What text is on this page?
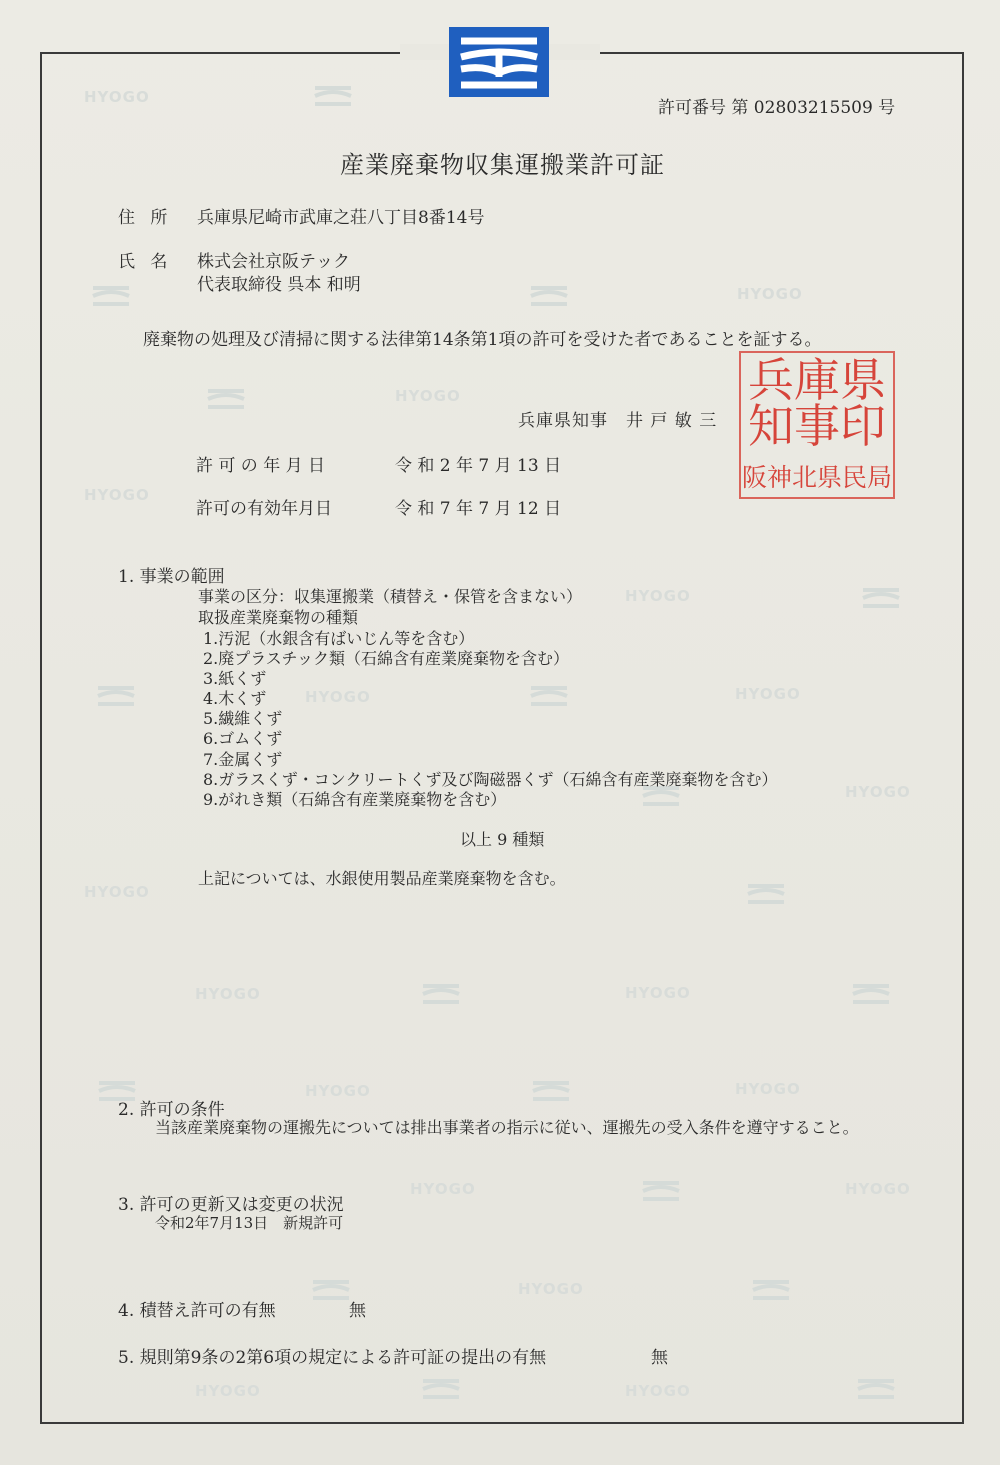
HYOGO
HYOGO
HYOGO
HYOGO
HYOGO
HYOGO	HYOGO
HYOGO
HYOGO
HYOGO	HYOGO
HYOGO	HYOGO
HYOGO	HYOGO
HYOGO
HYOGO	HYOGO
許可番号 第 02803215509 号
産業廃棄物収集運搬業許可証
住 所 兵庫県尼崎市武庫之荘八丁目8番14号
氏 名 株式会社京阪テック
代表取締役 呉本 和明
廃棄物の処理及び清掃に関する法律第14条第1項の許可を受けた者であることを証する。
兵庫県知事　井 戸 敏 三
許 可 の 年 月 日	令 和 2 年 7 月 13 日
許可の有効年月日	令 和 7 年 7 月 12 日
兵庫県
知事印
阪神北県民局
1. 事業の範囲
事業の区分：収集運搬業（積替え・保管を含まない）
取扱産業廃棄物の種類
1.汚泥（水銀含有ばいじん等を含む）
2.廃プラスチック類（石綿含有産業廃棄物を含む）
3.紙くず
4.木くず
5.繊維くず
6.ゴムくず
7.金属くず
8.ガラスくず・コンクリートくず及び陶磁器くず（石綿含有産業廃棄物を含む）
9.がれき類（石綿含有産業廃棄物を含む）
以上 9 種類
上記については、水銀使用製品産業廃棄物を含む。
2. 許可の条件
当該産業廃棄物の運搬先については排出事業者の指示に従い、運搬先の受入条件を遵守すること。
3. 許可の更新又は変更の状況
令和2年7月13日　新規許可
4. 積替え許可の有無	無
5. 規則第9条の2第6項の規定による許可証の提出の有無	無
